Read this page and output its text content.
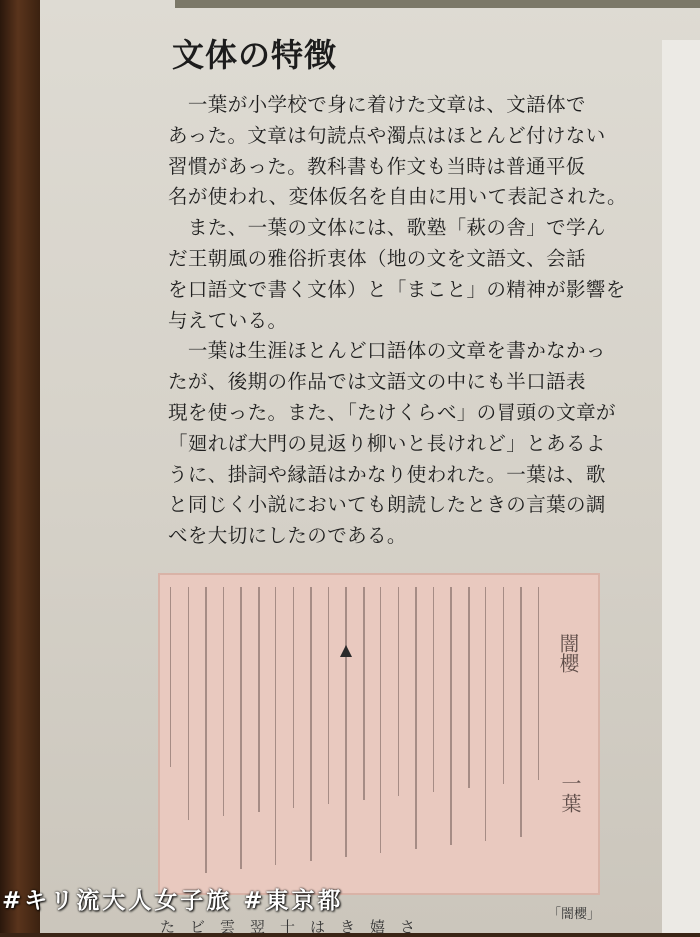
文体の特徴
　一葉が小学校で身に着けた文章は、文語体で
あった。文章は句読点や濁点はほとんど付けない
習慣があった。教科書も作文も当時は普通平仮
名が使われ、変体仮名を自由に用いて表記された。
　また、一葉の文体には、歌塾「萩の舎」で学ん
だ王朝風の雅俗折衷体（地の文を文語文、会話
を口語文で書く文体）と「まこと」の精神が影響を
与えている。
　一葉は生涯ほとんど口語体の文章を書かなかっ
たが、後期の作品では文語文の中にも半口語表
現を使った。また、「たけくらべ」の冒頭の文章が
「廻れば大門の見返り柳いと長けれど」とあるよ
うに、掛詞や縁語はかなり使われた。一葉は、歌
と同じく小説においても朗読したときの言葉の調
べを大切にしたのである。
闇櫻
一葉
「闇櫻」
た　ビ　雲　翌　十　は　き　嬉　さ
#キリ流大人女子旅 #東京都
